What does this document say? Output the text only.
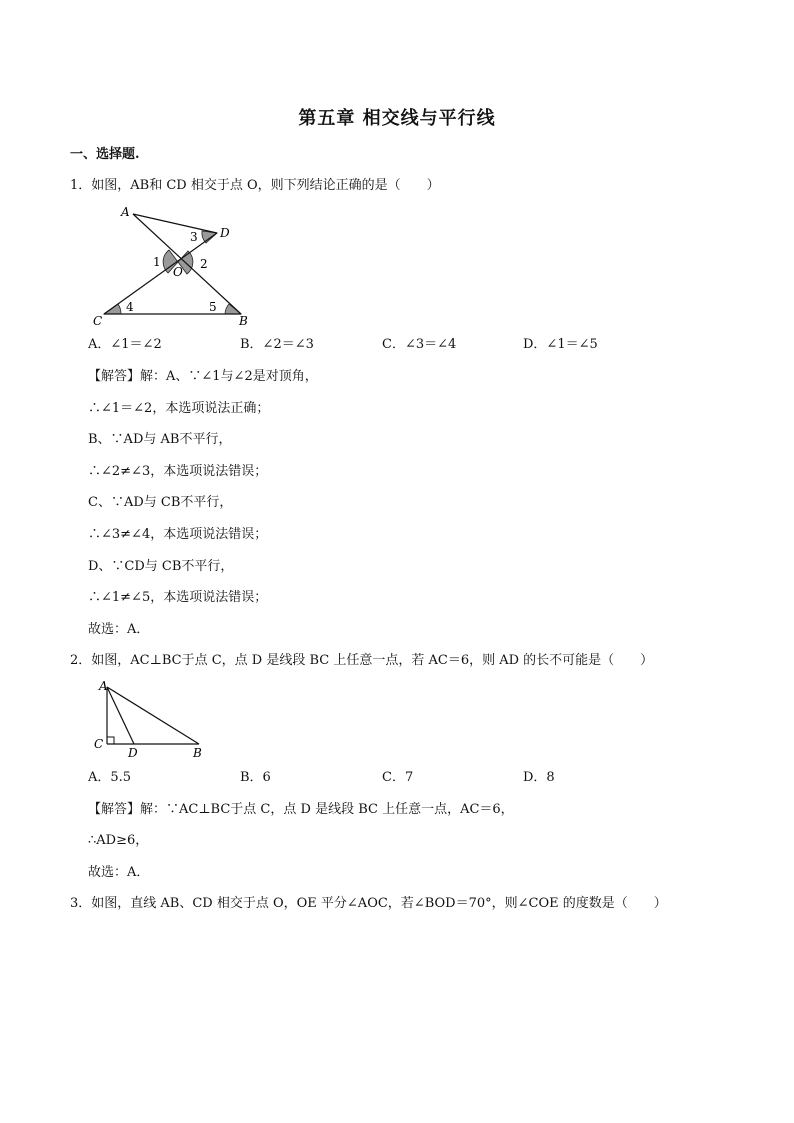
第五章 相交线与平行线
一、选择题.
1．如图，AB和 CD 相交于点 O，则下列结论正确的是（　　）
A
D
O
C	B
1	2
3
4	5
A．∠1＝∠2	B．∠2＝∠3	C．∠3＝∠4	D．∠1＝∠5
【解答】解：A、∵∠1与∠2是对顶角，
∴∠1＝∠2，本选项说法正确；
B、∵AD与 AB不平行，
∴∠2≠∠3，本选项说法错误；
C、∵AD与 CB不平行，
∴∠3≠∠4，本选项说法错误；
D、∵CD与 CB不平行，
∴∠1≠∠5，本选项说法错误；
故选：A．
2．如图，AC⊥BC于点 C，点 D 是线段 BC 上任意一点，若 AC＝6，则 AD 的长不可能是（　　）
A
C
D	B
A．5.5	B．6	C．7	D．8
【解答】解：∵AC⊥BC于点 C，点 D 是线段 BC 上任意一点，AC＝6，
∴AD≥6，
故选：A．
3．如图，直线 AB、CD 相交于点 O，OE 平分∠AOC，若∠BOD＝70°，则∠COE 的度数是（　　）
